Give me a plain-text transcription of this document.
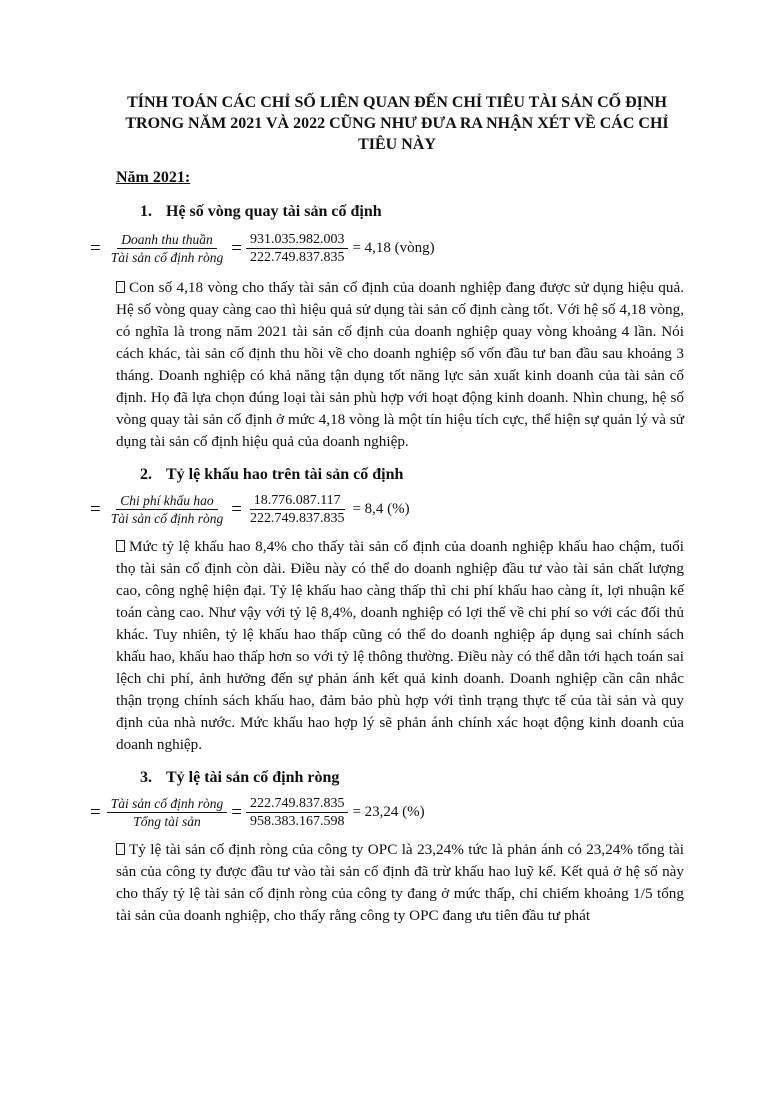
TÍNH TOÁN CÁC CHỈ SỐ LIÊN QUAN ĐẾN CHỈ TIÊU TÀI SẢN CỐ ĐỊNH TRONG NĂM 2021 VÀ 2022 CŨNG NHƯ ĐƯA RA NHẬN XÉT VỀ CÁC CHỈ TIÊU NÀY
Năm 2021:
1. Hệ số vòng quay tài sản cố định
= $\frac{\text{Doanh thu thuần}}{\text{Tài sản cố định ròng}} = \frac{931.035.982.003}{222.749.837.835} = 4,18$ (vòng)
Con số 4,18 vòng cho thấy tài sản cố định của doanh nghiệp đang được sử dụng hiệu quả. Hệ số vòng quay càng cao thì hiệu quả sử dụng tài sản cố định càng tốt. Với hệ số 4,18 vòng, có nghĩa là trong năm 2021 tài sản cố định của doanh nghiệp quay vòng khoảng 4 lần. Nói cách khác, tài sản cố định thu hồi về cho doanh nghiệp số vốn đầu tư ban đầu sau khoảng 3 tháng. Doanh nghiệp có khả năng tận dụng tốt năng lực sản xuất kinh doanh của tài sản cố định. Họ đã lựa chọn đúng loại tài sản phù hợp với hoạt động kinh doanh. Nhìn chung, hệ số vòng quay tài sản cố định ở mức 4,18 vòng là một tín hiệu tích cực, thể hiện sự quản lý và sử dụng tài sản cố định hiệu quả của doanh nghiệp.
2. Tỷ lệ khấu hao trên tài sản cố định
= $\frac{\text{Chi phí khấu hao}}{\text{Tài sản cố định ròng}} = \frac{18.776.087.117}{222.749.837.835} = 8,4$ (%)
Mức tỷ lệ khấu hao 8,4% cho thấy tài sản cố định của doanh nghiệp khấu hao chậm, tuổi thọ tài sản cố định còn dài. Điều này có thể do doanh nghiệp đầu tư vào tài sản chất lượng cao, công nghệ hiện đại. Tỷ lệ khấu hao càng thấp thì chi phí khấu hao càng ít, lợi nhuận kế toán càng cao. Như vậy với tỷ lệ 8,4%, doanh nghiệp có lợi thế về chi phí so với các đối thủ khác. Tuy nhiên, tỷ lệ khấu hao thấp cũng có thể do doanh nghiệp áp dụng sai chính sách khấu hao, khấu hao thấp hơn so với tỷ lệ thông thường. Điều này có thể dẫn tới hạch toán sai lệch chi phí, ảnh hưởng đến sự phản ánh kết quả kinh doanh. Doanh nghiệp cần cân nhắc thận trọng chính sách khấu hao, đảm bảo phù hợp với tình trạng thực tế của tài sản và quy định của nhà nước. Mức khấu hao hợp lý sẽ phản ánh chính xác hoạt động kinh doanh của doanh nghiệp.
3. Tỷ lệ tài sản cố định ròng
= $\frac{\text{Tài sản cố định ròng}}{\text{Tổng tài sản}} = \frac{222.749.837.835}{958.383.167.598} = 23,24$ (%)
Tỷ lệ tài sản cố định ròng của công ty OPC là 23,24% tức là phản ánh có 23,24% tổng tài sản của công ty được đầu tư vào tài sản cố định đã trừ khấu hao luỹ kế. Kết quả ở hệ số này cho thấy tỷ lệ tài sản cố định ròng của công ty đang ở mức thấp, chỉ chiếm khoảng 1/5 tổng tài sản của doanh nghiệp, cho thấy rằng công ty OPC đang ưu tiên đầu tư phát
